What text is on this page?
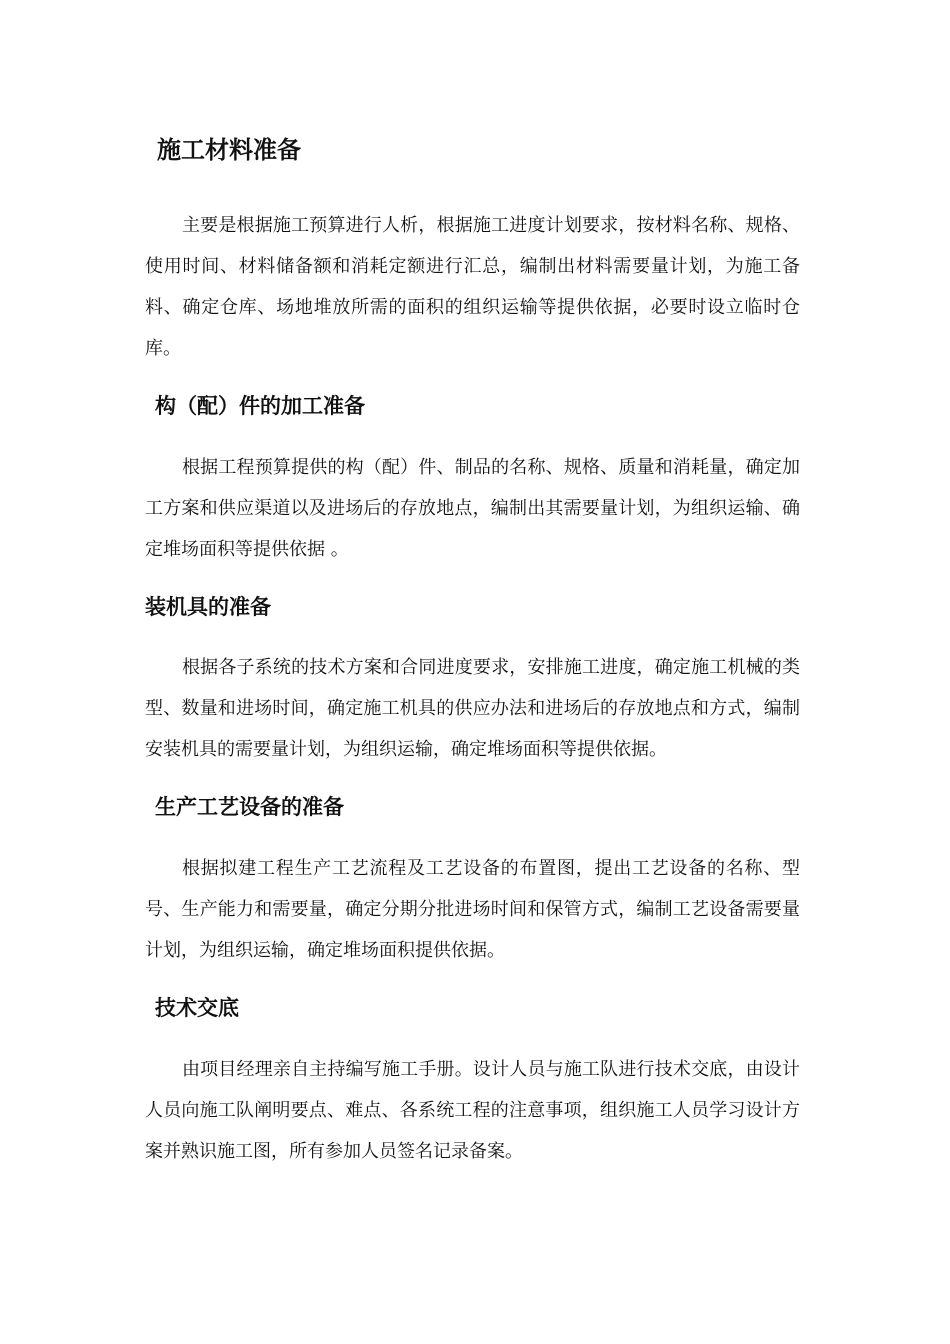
施工材料准备

主要是根据施工预算进行人析，根据施工进度计划要求，按材料名称、规格、使用时间、材料储备额和消耗定额进行汇总，编制出材料需要量计划，为施工备料、确定仓库、场地堆放所需的面积的组织运输等提供依据，必要时设立临时仓库。

构（配）件的加工准备

根据工程预算提供的构（配）件、制品的名称、规格、质量和消耗量，确定加工方案和供应渠道以及进场后的存放地点，编制出其需要量计划，为组织运输、确定堆场面积等提供依据 。

装机具的准备

根据各子系统的技术方案和合同进度要求，安排施工进度，确定施工机械的类型、数量和进场时间，确定施工机具的供应办法和进场后的存放地点和方式，编制安装机具的需要量计划，为组织运输，确定堆场面积等提供依据。

生产工艺设备的准备

根据拟建工程生产工艺流程及工艺设备的布置图，提出工艺设备的名称、型号、生产能力和需要量，确定分期分批进场时间和保管方式，编制工艺设备需要量计划，为组织运输，确定堆场面积提供依据。

技术交底

由项目经理亲自主持编写施工手册。设计人员与施工队进行技术交底，由设计人员向施工队阐明要点、难点、各系统工程的注意事项，组织施工人员学习设计方案并熟识施工图，所有参加人员签名记录备案。
